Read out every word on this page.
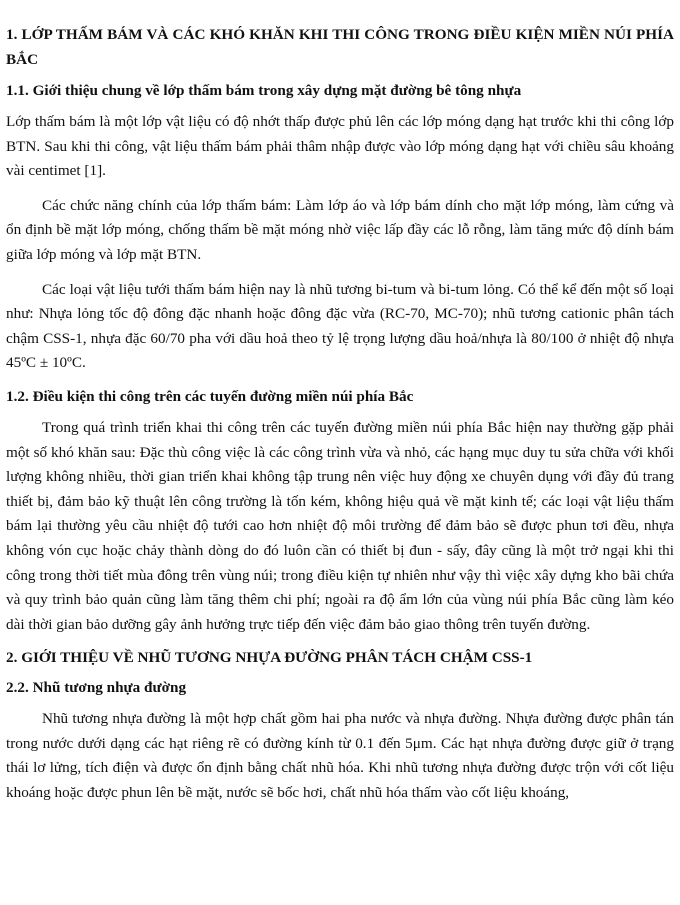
1. LỚP THẤM BÁM VÀ CÁC KHÓ KHĂN KHI THI CÔNG TRONG ĐIỀU KIỆN MIỀN NÚI PHÍA BẮC
1.1. Giới thiệu chung về lớp thấm bám trong xây dựng mặt đường bê tông nhựa
Lớp thấm bám là một lớp vật liệu có độ nhớt thấp được phủ lên các lớp móng dạng hạt trước khi thi công lớp BTN. Sau khi thi công, vật liệu thấm bám phải thâm nhập được vào lớp móng dạng hạt với chiều sâu khoảng vài centimet [1].
Các chức năng chính của lớp thấm bám: Làm lớp áo và lớp bám dính cho mặt lớp móng, làm cứng và ổn định bề mặt lớp móng, chống thấm bề mặt móng nhờ việc lấp đầy các lỗ rỗng, làm tăng mức độ dính bám giữa lớp móng và lớp mặt BTN.
Các loại vật liệu tưới thấm bám hiện nay là nhũ tương bi-tum và bi-tum lỏng. Có thể kể đến một số loại như: Nhựa lỏng tốc độ đông đặc nhanh hoặc đông đặc vừa (RC-70, MC-70); nhũ tương cationic phân tách chậm CSS-1, nhựa đặc 60/70 pha với dầu hoả theo tỷ lệ trọng lượng dầu hoả/nhựa là 80/100 ở nhiệt độ nhựa 45ºC ± 10ºC.
1.2. Điều kiện thi công trên các tuyến đường miền núi phía Bắc
Trong quá trình triển khai thi công trên các tuyến đường miền núi phía Bắc hiện nay thường gặp phải một số khó khăn sau: Đặc thù công việc là các công trình vừa và nhỏ, các hạng mục duy tu sửa chữa với khối lượng không nhiều, thời gian triển khai không tập trung nên việc huy động xe chuyên dụng với đầy đủ trang thiết bị, đảm bảo kỹ thuật lên công trường là tốn kém, không hiệu quả về mặt kinh tế; các loại vật liệu thấm bám lại thường yêu cầu nhiệt độ tưới cao hơn nhiệt độ môi trường để đảm bảo sẽ được phun tơi đều, nhựa không vón cục hoặc chảy thành dòng do đó luôn cần có thiết bị đun - sấy, đây cũng là một trở ngại khi thi công trong thời tiết mùa đông trên vùng núi; trong điều kiện tự nhiên như vậy thì việc xây dựng kho bãi chứa và quy trình bảo quản cũng làm tăng thêm chi phí; ngoài ra độ ẩm lớn của vùng núi phía Bắc cũng làm kéo dài thời gian bảo dưỡng gây ảnh hưởng trực tiếp đến việc đảm bảo giao thông trên tuyến đường.
2. GIỚI THIỆU VỀ NHŨ TƯƠNG NHỰA ĐƯỜNG PHÂN TÁCH CHẬM CSS-1
2.2. Nhũ tương nhựa đường
Nhũ tương nhựa đường là một hợp chất gồm hai pha nước và nhựa đường. Nhựa đường được phân tán trong nước dưới dạng các hạt riêng rẽ có đường kính từ 0.1 đến 5μm. Các hạt nhựa đường được giữ ở trạng thái lơ lửng, tích điện và được ổn định bằng chất nhũ hóa. Khi nhũ tương nhựa đường được trộn với cốt liệu khoáng hoặc được phun lên bề mặt, nước sẽ bốc hơi, chất nhũ hóa thấm vào cốt liệu khoáng,
